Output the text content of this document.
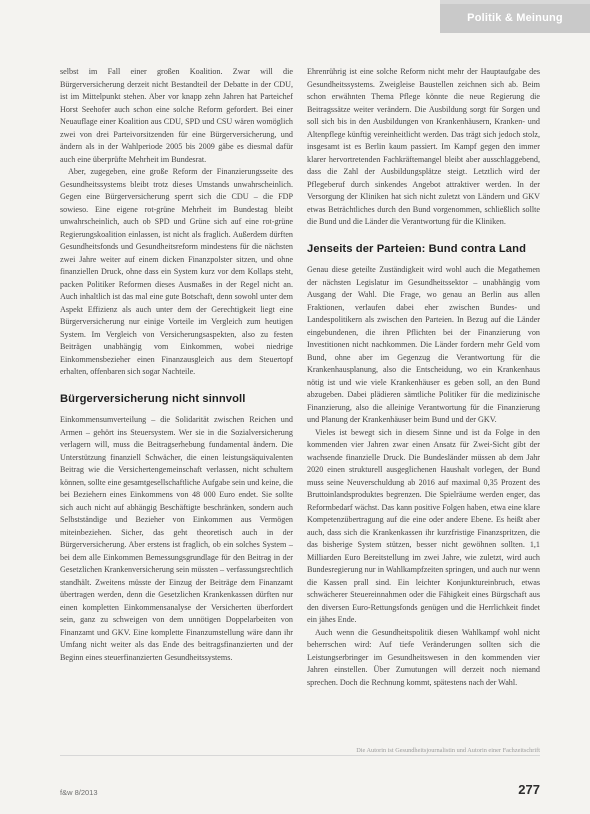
Politik & Meinung

selbst im Fall einer großen Koalition. Zwar will die Bürgerversicherung derzeit nicht Bestandteil der Debatte in der CDU, ist im Mittelpunkt stehen. Aber vor knapp zehn Jahren hat Parteichef Horst Seehofer auch schon eine solche Reform gefordert. Bei einer Neuauflage einer Koalition aus CDU, SPD und CSU wären womöglich zwei von drei Parteivorsitzenden für eine Bürgerversicherung, und ändern als in der Wahlperiode 2005 bis 2009 gäbe es diesmal dafür auch eine überprüfte Mehrheit im Bundesrat.

Aber, zugegeben, eine große Reform der Finanzierungsseite des Gesundheitssystems bleibt trotz dieses Umstands unwahrscheinlich. Gegen eine Bürgerversicherung sperrt sich die CDU – die FDP sowieso. Eine eigene rot-grüne Mehrheit im Bundestag bleibt unwahrscheinlich, auch ob SPD und Grüne sich auf eine rot-grüne Regierungskoalition einlassen, ist nicht als fraglich. Außerdem dürften Gesundheitsfonds und Gesundheitsreform mindestens für die nächsten zwei Jahre weiter auf einem dicken Finanzpolster sitzen, und ohne finanziellen Druck, ohne dass ein System kurz vor dem Kollaps steht, packen Politiker Reformen dieses Ausmaßes in der Regel nicht an. Auch inhaltlich ist das mal eine gute Botschaft, denn sowohl unter dem Aspekt Effizienz als auch unter dem der Gerechtigkeit liegt eine Bürgerversicherung nur einige Vorteile im Vergleich zum heutigen System. Im Vergleich von Versicherungsaspekten, also zu festen Beiträgen unabhängig vom Einkommen, wobei niedrige Einkommensbezieher einen Finanzausgleich aus dem Steuertopf erhalten, offenbaren sich sogar Nachteile.

Bürgerversicherung nicht sinnvoll

Einkommensumverteilung – die Solidarität zwischen Reichen und Armen – gehört ins Steuersystem. Wer sie in die Sozialversicherung verlagern will, muss die Beitragserhebung fundamental ändern. Die Unterstützung finanziell Schwächer, die einen leistungsäquivalenten Beitrag wie die Versichertengemeinschaft verlassen, nicht schultern können, sollte eine gesamtgesellschaftliche Aufgabe sein und keine, die bei Beziehern eines Einkommens von 48 000 Euro endet. Sie sollte sich auch nicht auf abhängig Beschäftigte beschränken, sondern auch Selbstständige und Bezieher von Einkommen aus Vermögen miteinbeziehen. Sicher, das geht theoretisch auch in der Bürgerversicherung. Aber erstens ist fraglich, ob ein solches System – bei dem alle Einkommen Bemessungsgrundlage für den Beitrag in der Gesetzlichen Krankenversicherung sein müssten – verfassungsrechtlich standhält. Zweitens müsste der Einzug der Beiträge dem Finanzamt übertragen werden, denn die Gesetzlichen Krankenkassen dürften nur einen kompletten Einkommensanalyse der Versicherten überfordert sein, ganz zu schweigen von dem unnötigen Doppelarbeiten von Finanzamt und GKV. Eine komplette Finanzumstellung wäre dann ihr Umfang nicht weiter als das Ende des beitragsfinanzierten und der Beginn eines steuerfinanzierten Gesundheitssystems.

Ehrenrührig ist eine solche Reform nicht mehr der Hauptaufgabe des Gesundheitssystems. Zweigleise Baustellen zeichnen sich ab. Beim schon erwähnten Thema Pflege könnte die neue Regierung die Beitragssätze weiter verändern. Die Ausbildung sorgt für Sorgen und soll sich bis in den Ausbildungen von Krankenhäusern, Kranken- und Altenpflege künftig vereinheitlicht werden. Das trägt sich jedoch stolz, insgesamt ist es Berlin kaum passiert. Im Kampf gegen den immer klarer hervortretenden Fachkräftemangel bleibt aber ausschlaggebend, dass die Zahl der Ausbildungsplätze steigt. Letztlich wird der Pflegeberuf durch sinkendes Angebot attraktiver werden. In der Versorgung der Kliniken hat sich nicht zuletzt von Ländern und GKV etwas Beträchtliches durch den Bund vorgenommen, schließlich sollte die Bund und die Länder die Verantwortung für die Kliniken.

Jenseits der Parteien: Bund contra Land

Genau diese geteilte Zuständigkeit wird wohl auch die Megathemen der nächsten Legislatur im Gesundheitssektor – unabhängig vom Ausgang der Wahl. Die Frage, wo genau an Berlin aus allen Fraktionen, verlaufen dabei eher zwischen Bundes- und Landespolitikern als zwischen den Parteien. In Bezug auf die Länder eingebundenen, die ihren Pflichten bei der Finanzierung von Investitionen nicht nachkommen. Die Länder fordern mehr Geld vom Bund, ohne aber im Gegenzug die Verantwortung für die Krankenhausplanung, also die Entscheidung, wo ein Krankenhaus nötig ist und wie viele Krankenhäuser es geben soll, an den Bund abzugeben. Dabei plädieren sämtliche Politiker für die medizinische Finanzierung, also die alleinige Verantwortung für die Finanzierung und Planung der Krankenhäuser beim Bund und der GKV.

Vieles ist bewegt sich in diesem Sinne und ist da Folge in den kommenden vier Jahren zwar einen Ansatz für Zwei-Sicht gibt der wachsende finanzielle Druck. Die Bundesländer müssen ab dem Jahr 2020 einen strukturell ausgeglichenen Haushalt vorlegen, der Bund muss seine Neuverschuldung ab 2016 auf maximal 0,35 Prozent des Bruttoinlandsproduktes begrenzen. Die Spielräume werden enger, das Reformbedarf wächst. Das kann positive Folgen haben, etwa eine klare Kompetenzübertragung auf die eine oder andere Ebene. Es heißt aber auch, dass sich die Krankenkassen ihr kurzfristige Finanzspritzen, die das bisherige System stützen, besser nicht gewöhnen sollten. 1,1 Milliarden Euro Bereitstellung im zwei Jahre, wie zuletzt, wird auch Bundesregierung nur in Wahlkampfzeiten springen, und auch nur wenn die Kassen prall sind. Ein leichter Konjunktureinbruch, etwas schwächerer Steuereinnahmen oder die Fähigkeit eines Bürgschaft aus den diversen Euro-Rettungsfonds genügen und die Herrlichkeit findet ein jähes Ende.

Auch wenn die Gesundheitspolitik diesen Wahlkampf wohl nicht beherrschen wird: Auf tiefe Veränderungen sollten sich die Leistungserbringer im Gesundheitswesen in den kommenden vier Jahren einstellen. Über Zumutungen will derzeit noch niemand sprechen. Doch die Rechnung kommt, spätestens nach der Wahl.

Die Autorin ist Gesundheitsjournalistin und Autorin einer Fachzeitschrift
f&w 8/2013	277
